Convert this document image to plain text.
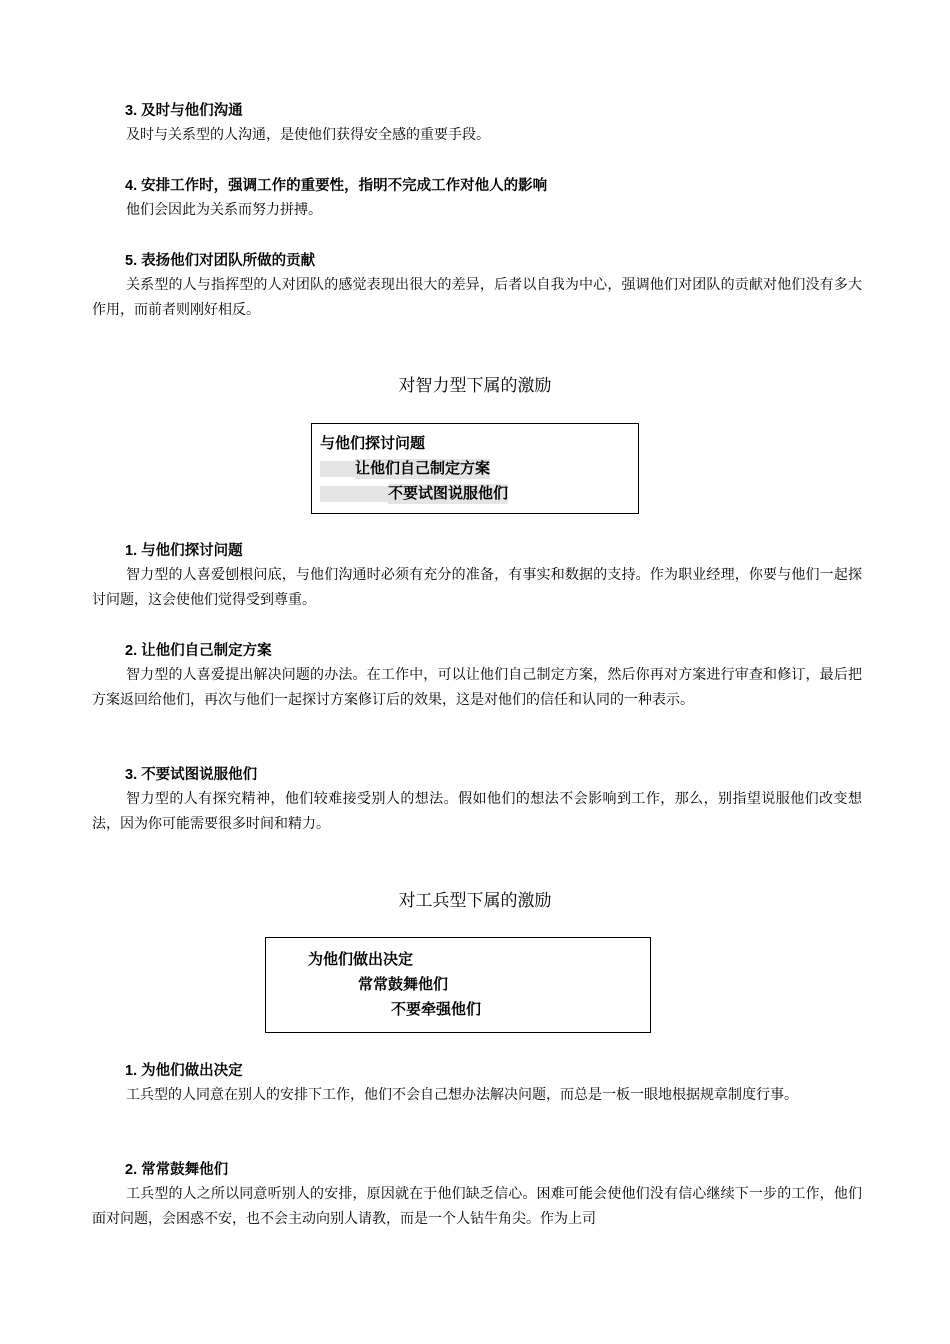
3. 及时与他们沟通
及时与关系型的人沟通，是使他们获得安全感的重要手段。
4. 安排工作时，强调工作的重要性，指明不完成工作对他人的影响
他们会因此为关系而努力拼搏。
5. 表扬他们对团队所做的贡献
关系型的人与指挥型的人对团队的感觉表现出很大的差异，后者以自我为中心，强调他们对团队的贡献对他们没有多大作用，而前者则刚好相反。
对智力型下属的激励
与他们探讨问题
让他们自己制定方案
不要试图说服他们
1. 与他们探讨问题
智力型的人喜爱刨根问底，与他们沟通时必须有充分的准备，有事实和数据的支持。作为职业经理，你要与他们一起探讨问题，这会使他们觉得受到尊重。
2. 让他们自己制定方案
智力型的人喜爱提出解决问题的办法。在工作中，可以让他们自己制定方案，然后你再对方案进行审查和修订，最后把方案返回给他们，再次与他们一起探讨方案修订后的效果，这是对他们的信任和认同的一种表示。
3. 不要试图说服他们
智力型的人有探究精神，他们较难接受别人的想法。假如他们的想法不会影响到工作，那么，别指望说服他们改变想法，因为你可能需要很多时间和精力。
对工兵型下属的激励
为他们做出决定
常常鼓舞他们
不要牵强他们
1. 为他们做出决定
工兵型的人同意在别人的安排下工作，他们不会自己想办法解决问题，而总是一板一眼地根据规章制度行事。
2. 常常鼓舞他们
工兵型的人之所以同意听别人的安排，原因就在于他们缺乏信心。困难可能会使他们没有信心继续下一步的工作，他们面对问题，会困惑不安，也不会主动向别人请教，而是一个人钻牛角尖。作为上司
